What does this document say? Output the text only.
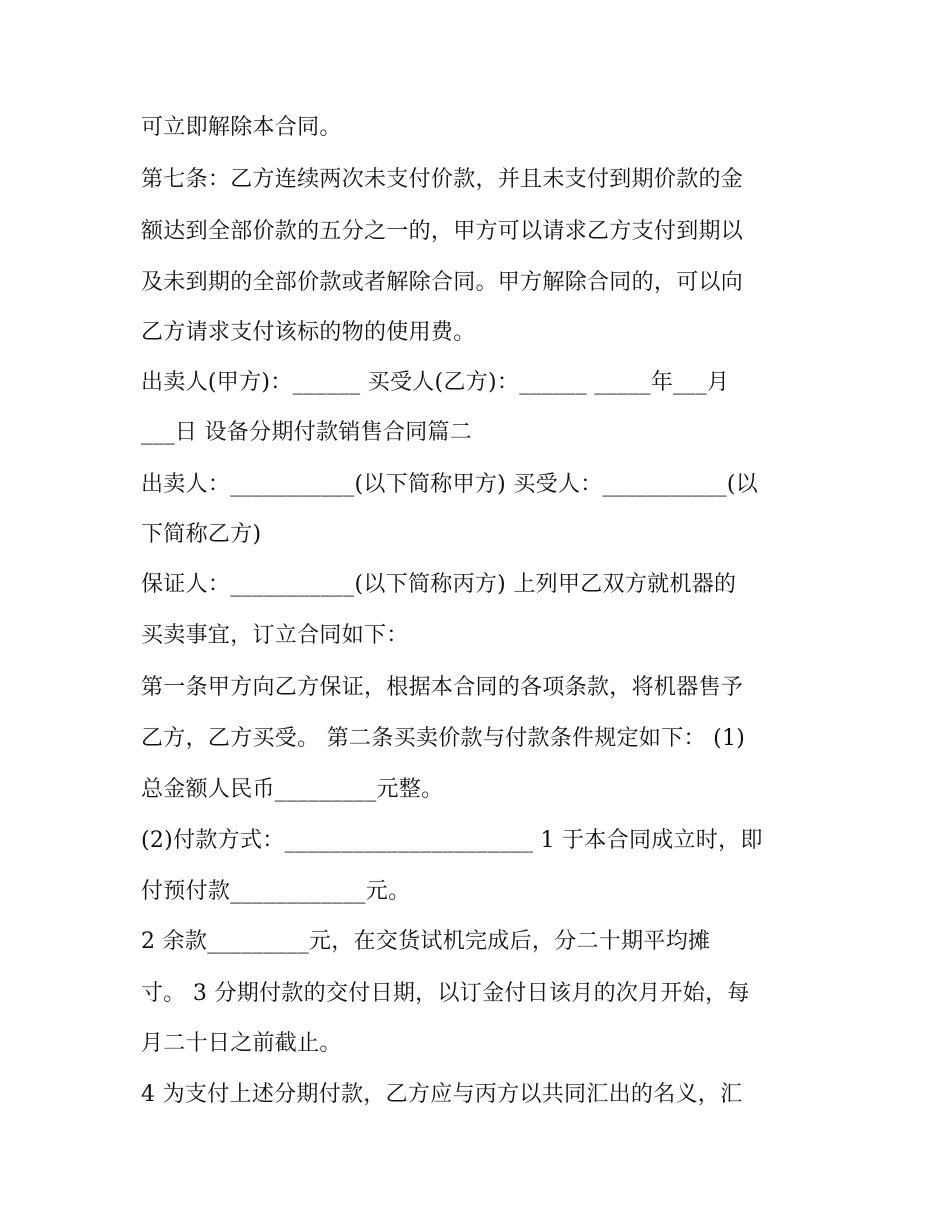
可立即解除本合同。
第七条：乙方连续两次未支付价款，并且未支付到期价款的金
额达到全部价款的五分之一的，甲方可以请求乙方支付到期以
及未到期的全部价款或者解除合同。甲方解除合同的，可以向
乙方请求支付该标的物的使用费。
出卖人(甲方)：______ 买受人(乙方)：______ _____年___月
___日 设备分期付款销售合同篇二
出卖人：___________(以下简称甲方) 买受人：___________(以
下简称乙方)
保证人：___________(以下简称丙方) 上列甲乙双方就机器的
买卖事宜，订立合同如下：
第一条甲方向乙方保证，根据本合同的各项条款，将机器售予
乙方，乙方买受。 第二条买卖价款与付款条件规定如下： (1)
总金额人民币_________元整。
(2)付款方式：______________________ 1 于本合同成立时，即
付预付款____________元。
2 余款_________元，在交货试机完成后，分二十期平均摊
寸。 3 分期付款的交付日期，以订金付日该月的次月开始，每
月二十日之前截止。
4 为支付上述分期付款，乙方应与丙方以共同汇出的名义，汇
